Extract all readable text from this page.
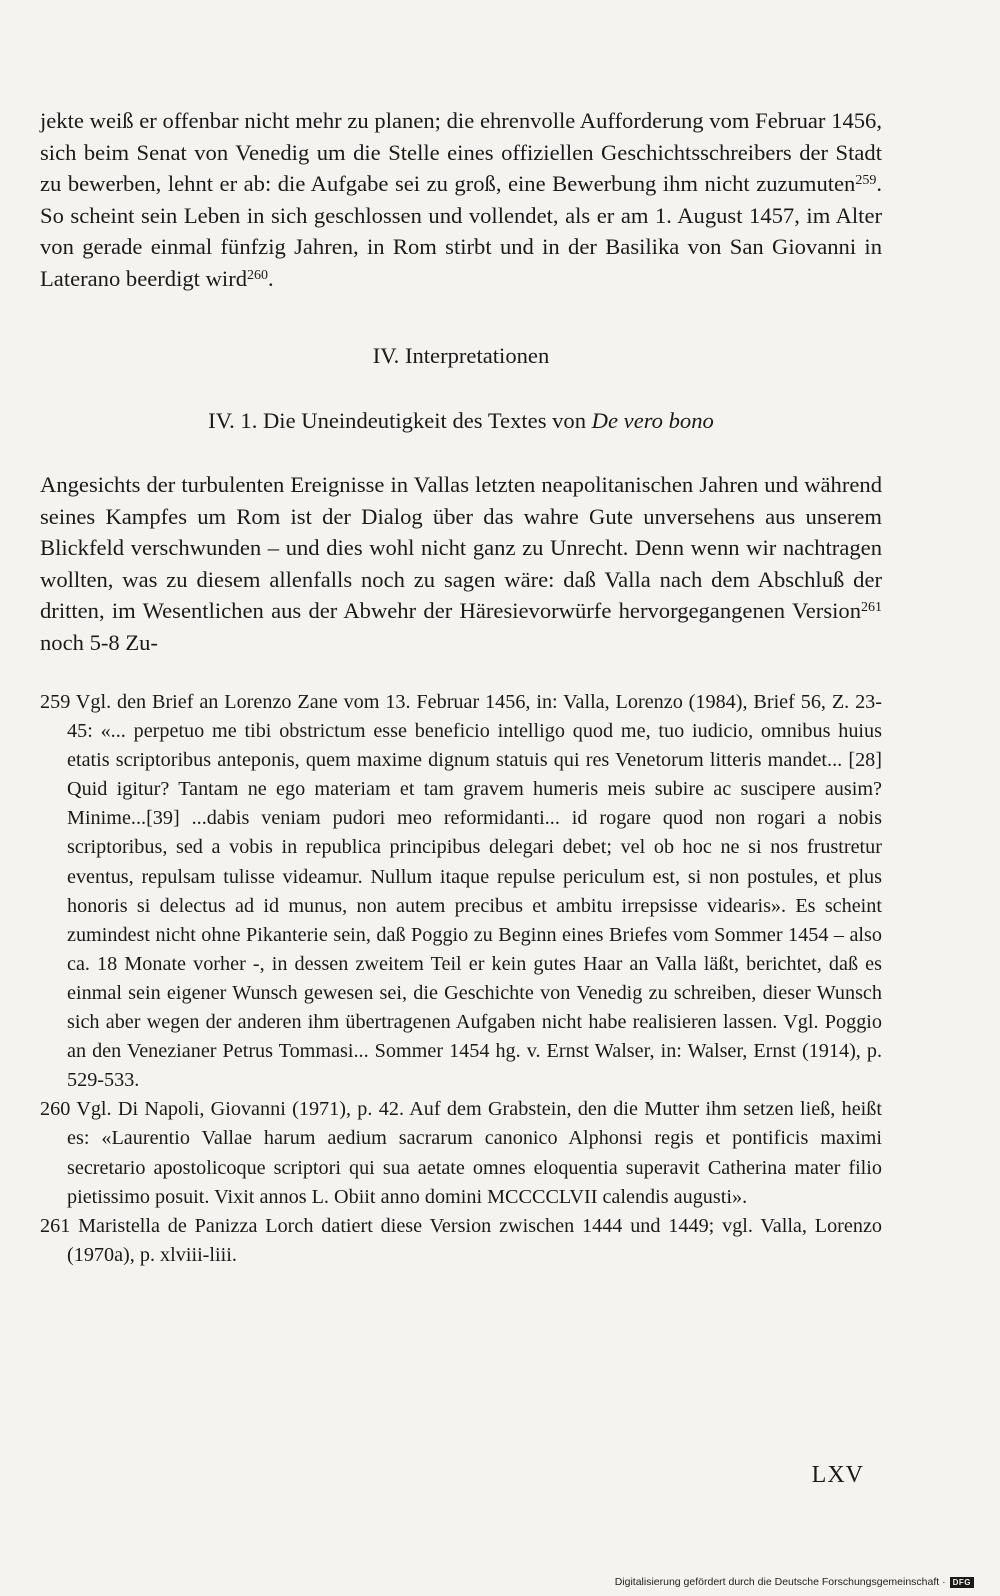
jekte weiß er offenbar nicht mehr zu planen; die ehrenvolle Aufforderung vom Februar 1456, sich beim Senat von Venedig um die Stelle eines offiziellen Geschichtsschreibers der Stadt zu bewerben, lehnt er ab: die Aufgabe sei zu groß, eine Bewerbung ihm nicht zuzumuten$^{259}$. So scheint sein Leben in sich geschlossen und vollendet, als er am 1. August 1457, im Alter von gerade einmal fünfzig Jahren, in Rom stirbt und in der Basilika von San Giovanni in Laterano beerdigt wird$^{260}$.

IV. Interpretationen

IV. 1. Die Uneindeutigkeit des Textes von De vero bono

Angesichts der turbulenten Ereignisse in Vallas letzten neapolitanischen Jahren und während seines Kampfes um Rom ist der Dialog über das wahre Gute unversehens aus unserem Blickfeld verschwunden – und dies wohl nicht ganz zu Unrecht. Denn wenn wir nachtragen wollten, was zu diesem allenfalls noch zu sagen wäre: daß Valla nach dem Abschluß der dritten, im Wesentlichen aus der Abwehr der Häresievorwürfe hervorgegangenen Version$^{261}$ noch 5-8 Zu-

259 Vgl. den Brief an Lorenzo Zane vom 13. Februar 1456, in: Valla, Lorenzo (1984), Brief 56, Z. 23-45: «... perpetuo me tibi obstrictum esse beneficio intelligo quod me, tuo iudicio, omnibus huius etatis scriptoribus anteponis, quem maxime dignum statuis qui res Venetorum litteris mandet... [28] Quid igitur? Tantam ne ego materiam et tam gravem humeris meis subire ac suscipere ausim? Minime...[39] ...dabis veniam pudori meo reformidanti... id rogare quod non rogari a nobis scriptoribus, sed a vobis in republica principibus delegari debet; vel ob hoc ne si nos frustretur eventus, repulsam tulisse videamur. Nullum itaque repulse periculum est, si non postules, et plus honoris si delectus ad id munus, non autem precibus et ambitu irrepsisse videaris». Es scheint zumindest nicht ohne Pikanterie sein, daß Poggio zu Beginn eines Briefes vom Sommer 1454 – also ca. 18 Monate vorher -, in dessen zweitem Teil er kein gutes Haar an Valla läßt, berichtet, daß es einmal sein eigener Wunsch gewesen sei, die Geschichte von Venedig zu schreiben, dieser Wunsch sich aber wegen der anderen ihm übertragenen Aufgaben nicht habe realisieren lassen. Vgl. Poggio an den Venezianer Petrus Tommasi... Sommer 1454 hg. v. Ernst Walser, in: Walser, Ernst (1914), p. 529-533.

260 Vgl. Di Napoli, Giovanni (1971), p. 42. Auf dem Grabstein, den die Mutter ihm setzen ließ, heißt es: «Laurentio Vallae harum aedium sacrarum canonico Alphonsi regis et pontificis maximi secretario apostolicoque scriptori qui sua aetate omnes eloquentia superavit Catherina mater filio pietissimo posuit. Vixit annos L. Obiit anno domini MCCCCLVII calendis augusti».

261 Maristella de Panizza Lorch datiert diese Version zwischen 1444 und 1449; vgl. Valla, Lorenzo (1970a), p. xlviii-liii.

LXV
Digitalisierung gefördert durch die Deutsche Forschungsgemeinschaft · DFG
